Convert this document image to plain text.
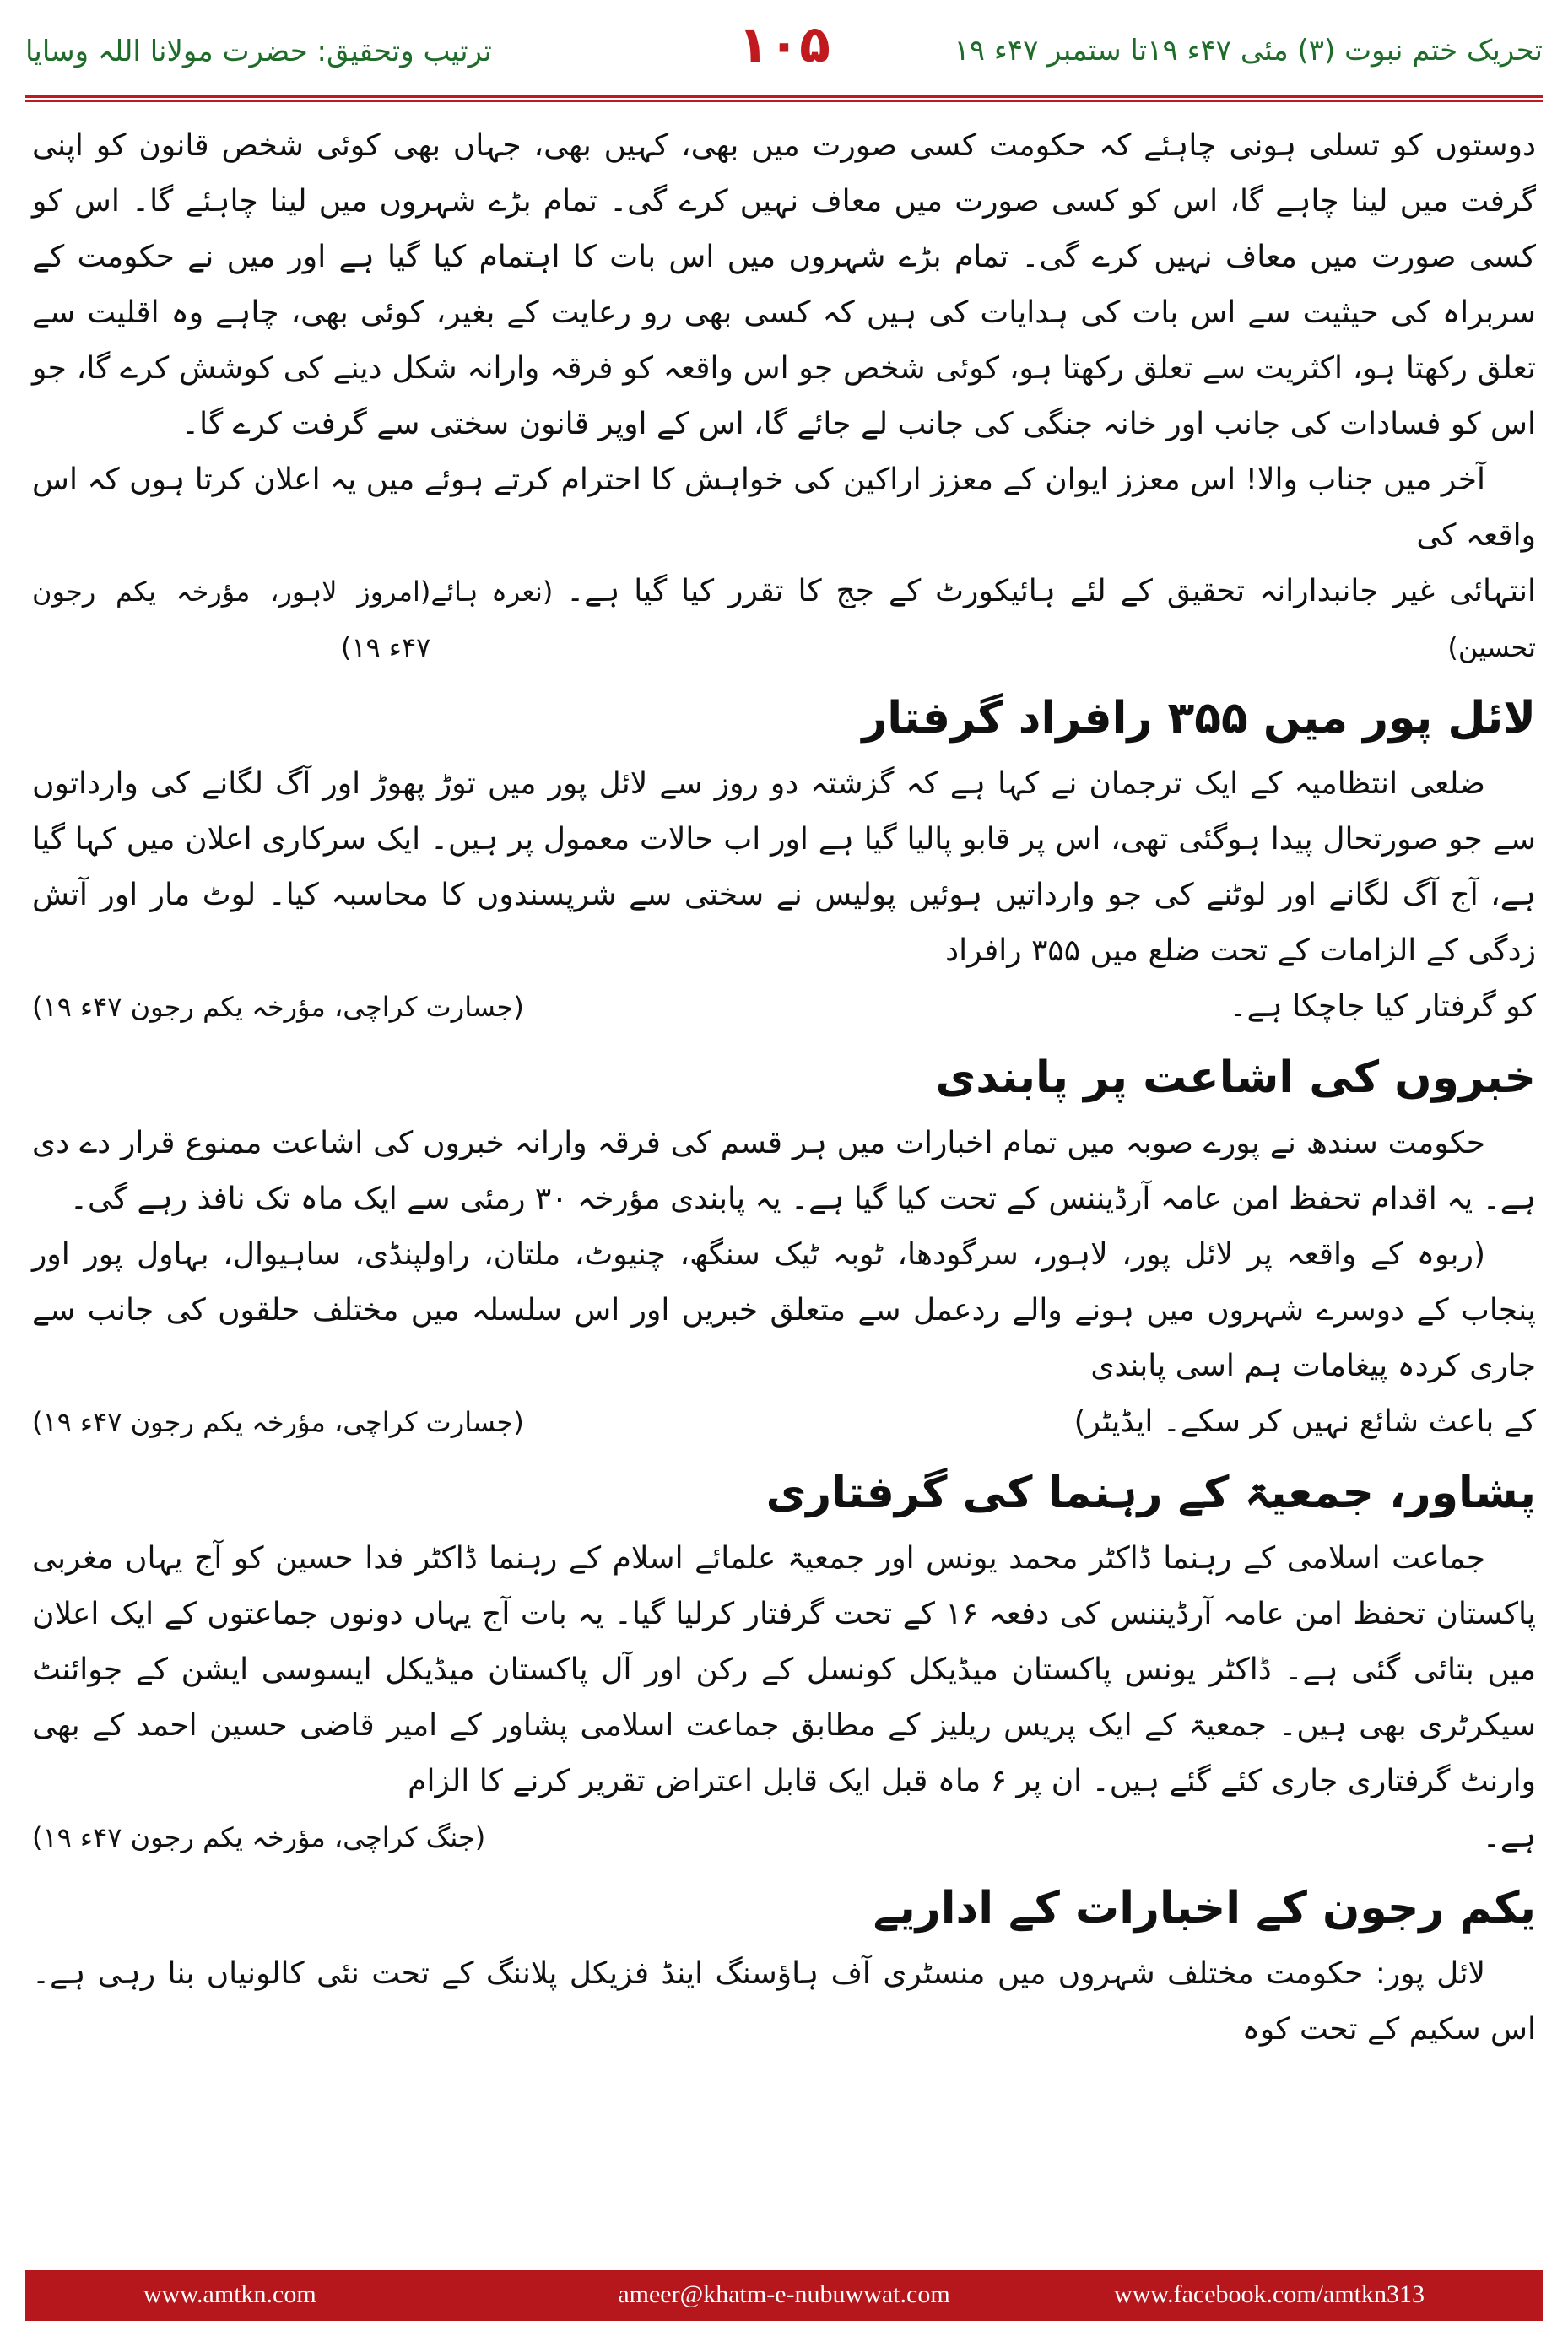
تحریک ختم نبوت (۳) مئی ۴۷ء ۱۹تا ستمبر ۴۷ء ۱۹
۱۰۵
ترتیب وتحقیق: حضرت مولانا اللہ وسایا

دوستوں کو تسلی ہونی چاہئے کہ حکومت کسی صورت میں بھی، کہیں بھی، جہاں بھی کوئی شخص قانون کو اپنی گرفت میں لینا چاہے گا، اس کو کسی صورت میں معاف نہیں کرے گی۔ تمام بڑے شہروں میں لینا چاہئے گا۔ اس کو کسی صورت میں معاف نہیں کرے گی۔ تمام بڑے شہروں میں اس بات کا اہتمام کیا گیا ہے اور میں نے حکومت کے سربراہ کی حیثیت سے اس بات کی ہدایات کی ہیں کہ کسی بھی رو رعایت کے بغیر، کوئی بھی، چاہے وہ اقلیت سے تعلق رکھتا ہو، اکثریت سے تعلق رکھتا ہو، کوئی شخص جو اس واقعہ کو فرقہ وارانہ شکل دینے کی کوشش کرے گا، جو اس کو فسادات کی جانب اور خانہ جنگی کی جانب لے جائے گا، اس کے اوپر قانون سختی سے گرفت کرے گا۔

آخر میں جناب والا! اس معزز ایوان کے معزز اراکین کی خواہش کا احترام کرتے ہوئے میں یہ اعلان کرتا ہوں کہ اس واقعہ کی

انتہائی غیر جانبدارانہ تحقیق کے لئے ہائیکورٹ کے جج کا تقرر کیا گیا ہے۔ (نعرہ ہائے تحسین)
(امروز لاہور، مؤرخہ یکم رجون ۴۷ء ۱۹)
لائل پور میں ۳۵۵ رافراد گرفتار

ضلعی انتظامیہ کے ایک ترجمان نے کہا ہے کہ گزشتہ دو روز سے لائل پور میں توڑ پھوڑ اور آگ لگانے کی وارداتوں سے جو صورتحال پیدا ہوگئی تھی، اس پر قابو پالیا گیا ہے اور اب حالات معمول پر ہیں۔ ایک سرکاری اعلان میں کہا گیا ہے، آج آگ لگانے اور لوٹنے کی جو وارداتیں ہوئیں پولیس نے سختی سے شرپسندوں کا محاسبہ کیا۔ لوٹ مار اور آتش زدگی کے الزامات کے تحت ضلع میں ۳۵۵ رافراد

کو گرفتار کیا جاچکا ہے۔
(جسارت کراچی، مؤرخہ یکم رجون ۴۷ء ۱۹)
خبروں کی اشاعت پر پابندی

حکومت سندھ نے پورے صوبہ میں تمام اخبارات میں ہر قسم کی فرقہ وارانہ خبروں کی اشاعت ممنوع قرار دے دی ہے۔ یہ اقدام تحفظ امن عامہ آرڈیننس کے تحت کیا گیا ہے۔ یہ پابندی مؤرخہ ۳۰ رمئی سے ایک ماہ تک نافذ رہے گی۔

(ربوہ کے واقعہ پر لائل پور، لاہور، سرگودھا، ٹوبہ ٹیک سنگھ، چنیوٹ، ملتان، راولپنڈی، ساہیوال، بہاول پور اور پنجاب کے دوسرے شہروں میں ہونے والے ردعمل سے متعلق خبریں اور اس سلسلہ میں مختلف حلقوں کی جانب سے جاری کردہ پیغامات ہم اسی پابندی

کے باعث شائع نہیں کر سکے۔ ایڈیٹر)
(جسارت کراچی، مؤرخہ یکم رجون ۴۷ء ۱۹)
پشاور، جمعیۃ کے رہنما کی گرفتاری

جماعت اسلامی کے رہنما ڈاکٹر محمد یونس اور جمعیۃ علمائے اسلام کے رہنما ڈاکٹر فدا حسین کو آج یہاں مغربی پاکستان تحفظ امن عامہ آرڈیننس کی دفعہ ۱۶ کے تحت گرفتار کرلیا گیا۔ یہ بات آج یہاں دونوں جماعتوں کے ایک اعلان میں بتائی گئی ہے۔ ڈاکٹر یونس پاکستان میڈیکل کونسل کے رکن اور آل پاکستان میڈیکل ایسوسی ایشن کے جوائنٹ سیکرٹری بھی ہیں۔ جمعیۃ کے ایک پریس ریلیز کے مطابق جماعت اسلامی پشاور کے امیر قاضی حسین احمد کے بھی وارنٹ گرفتاری جاری کئے گئے ہیں۔ ان پر ۶ ماہ قبل ایک قابل اعتراض تقریر کرنے کا الزام

ہے۔
(جنگ کراچی، مؤرخہ یکم رجون ۴۷ء ۱۹)
یکم رجون کے اخبارات کے اداریے

لائل پور: حکومت مختلف شہروں میں منسٹری آف ہاؤسنگ اینڈ فزیکل پلاننگ کے تحت نئی کالونیاں بنا رہی ہے۔ اس سکیم کے تحت کوہ

www.amtkn.com	ameer@khatm-e-nubuwwat.com	www.facebook.com/amtkn313
